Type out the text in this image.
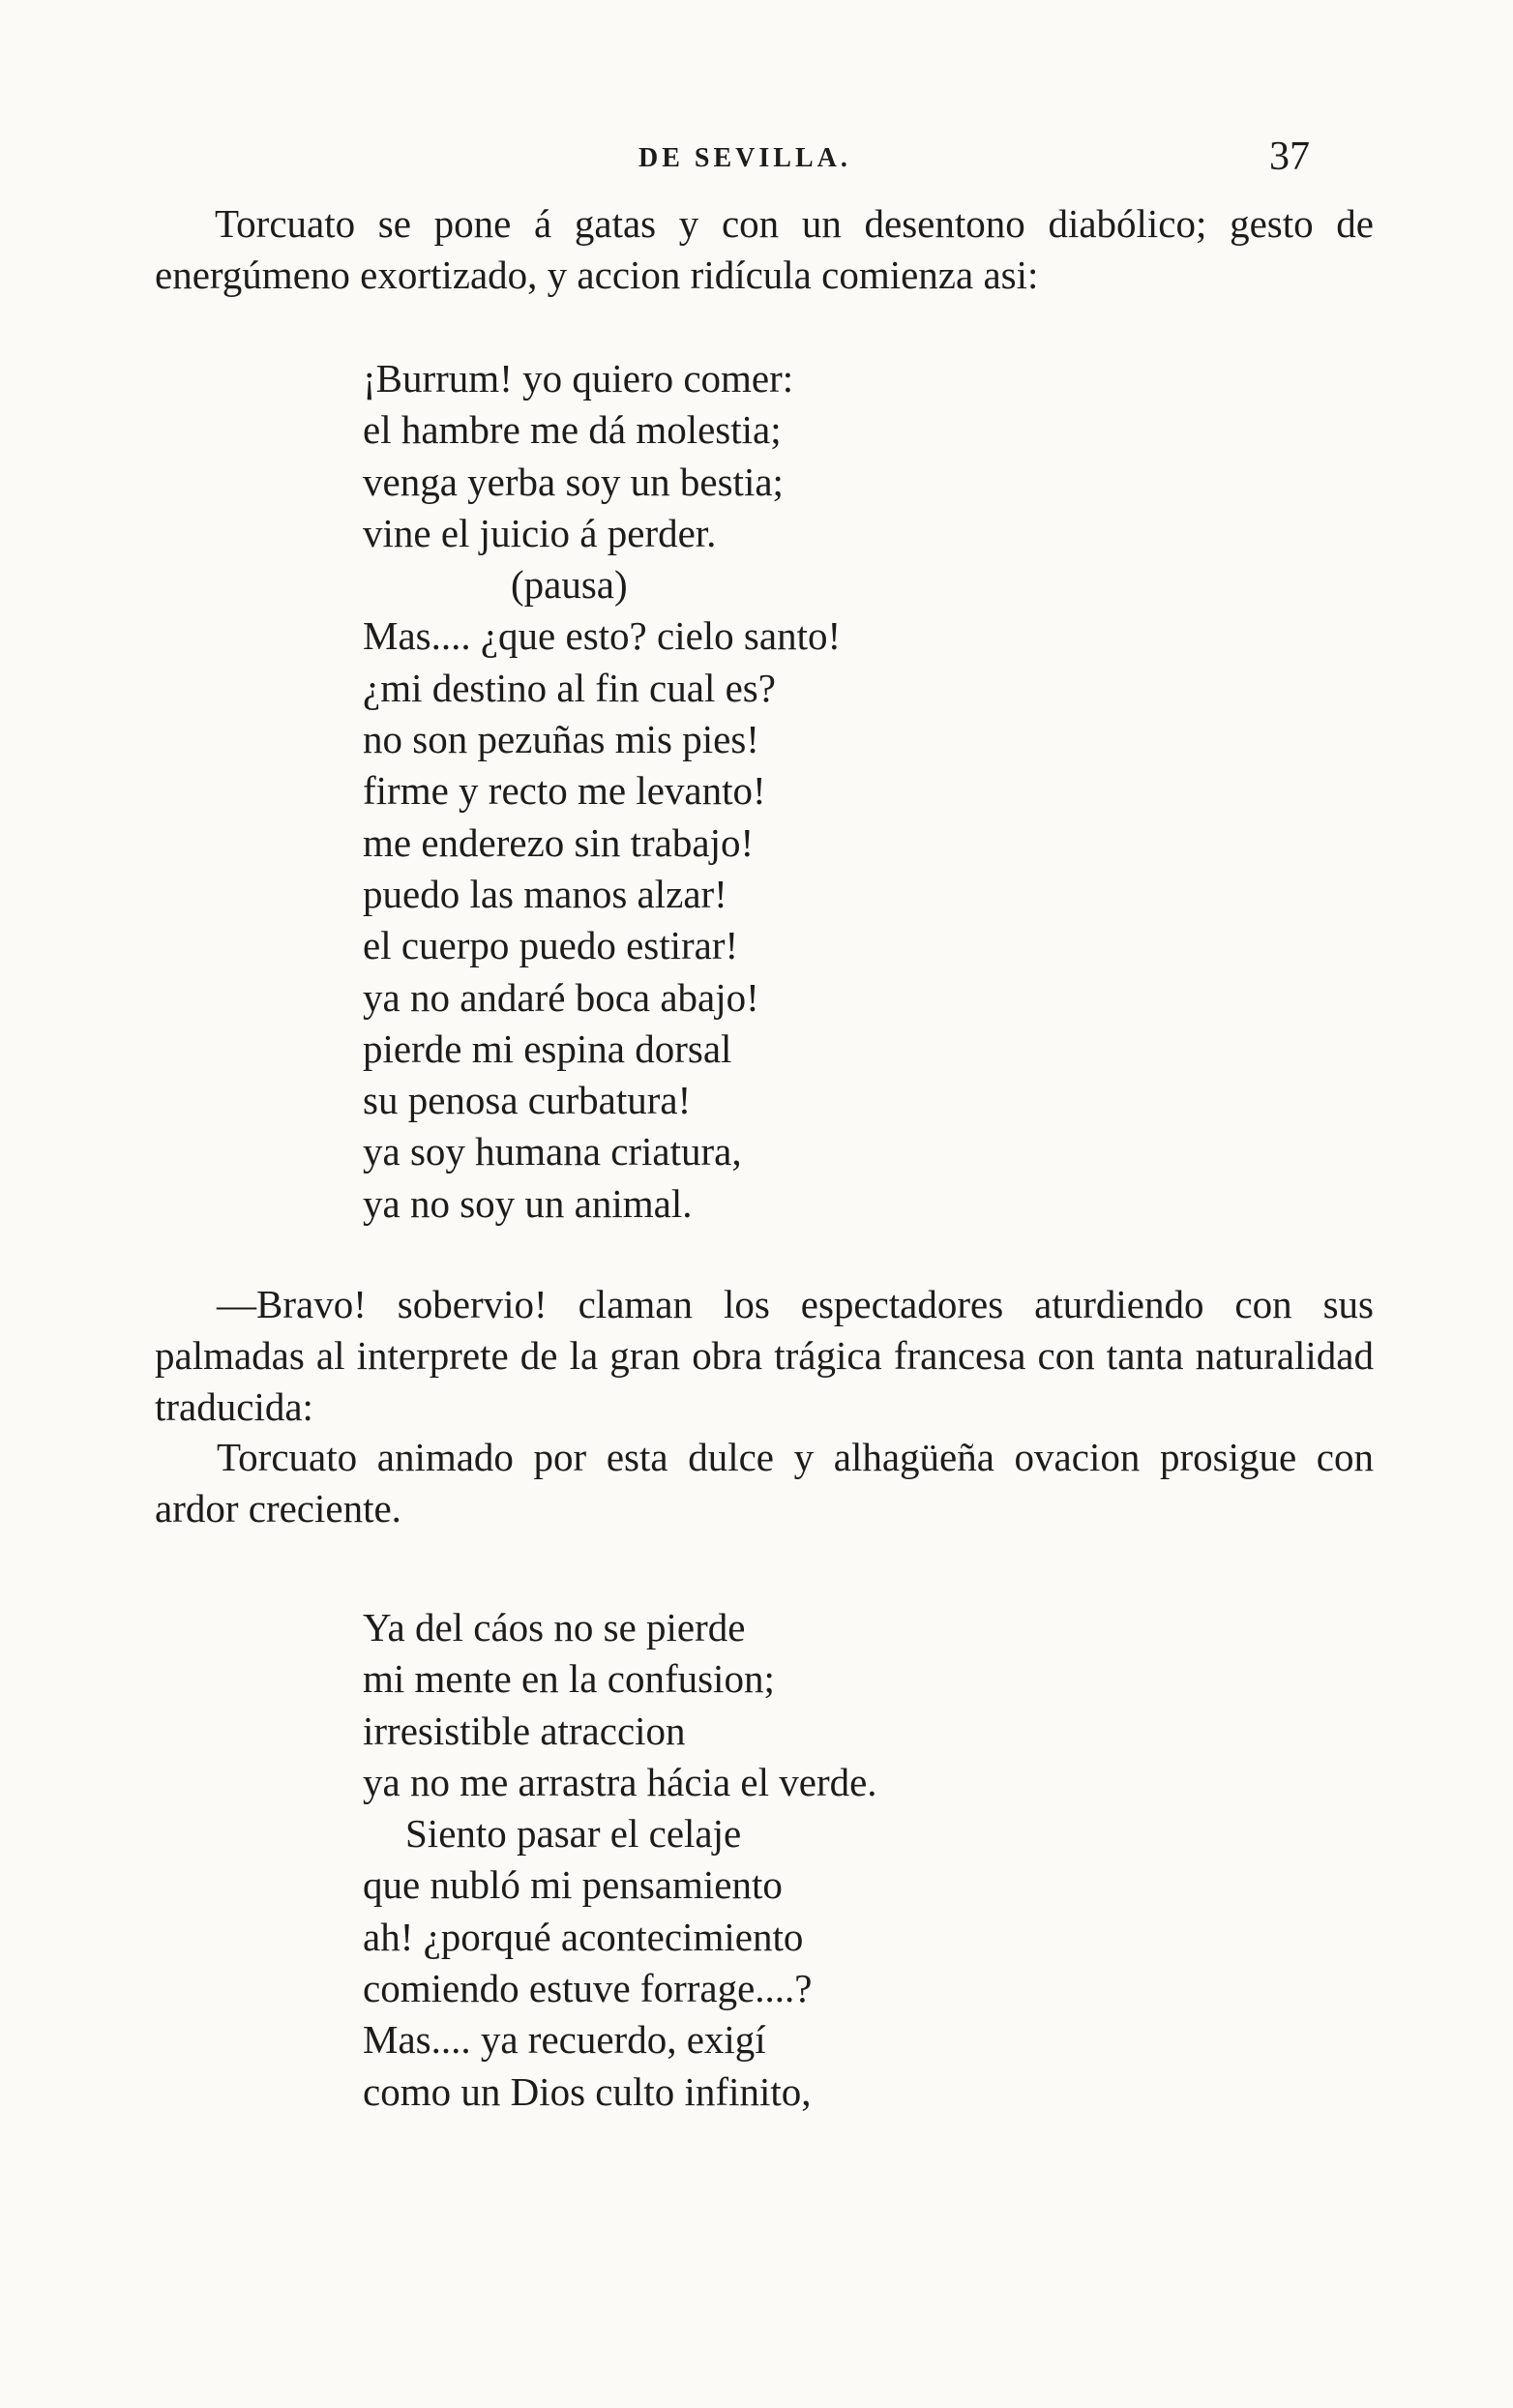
DE SEVILLA.	37

Torcuato se pone á gatas y con un desentono diabólico; gesto de energúmeno exortizado, y accion ridícula comienza asi:

¡Burrum! yo quiero comer:
el hambre me dá molestia;
venga yerba soy un bestia;
vine el juicio á perder.
(pausa)
Mas.... ¿que esto? cielo santo!
¿mi destino al fin cual es?
no son pezuñas mis pies!
firme y recto me levanto!
me enderezo sin trabajo!
puedo las manos alzar!
el cuerpo puedo estirar!
ya no andaré boca abajo!
pierde mi espina dorsal
su penosa curbatura!
ya soy humana criatura,
ya no soy un animal.

—Bravo! sobervio! claman los espectadores aturdiendo con sus palmadas al interprete de la gran obra trágica francesa con tanta naturalidad traducida:

Torcuato animado por esta dulce y alhagüeña ovacion prosigue con ardor creciente.

Ya del cáos no se pierde
mi mente en la confusion;
irresistible atraccion
ya no me arrastra hácia el verde.
Siento pasar el celaje
que nubló mi pensamiento
ah! ¿porqué acontecimiento
comiendo estuve forrage....?
Mas.... ya recuerdo, exigí
como un Dios culto infinito,
